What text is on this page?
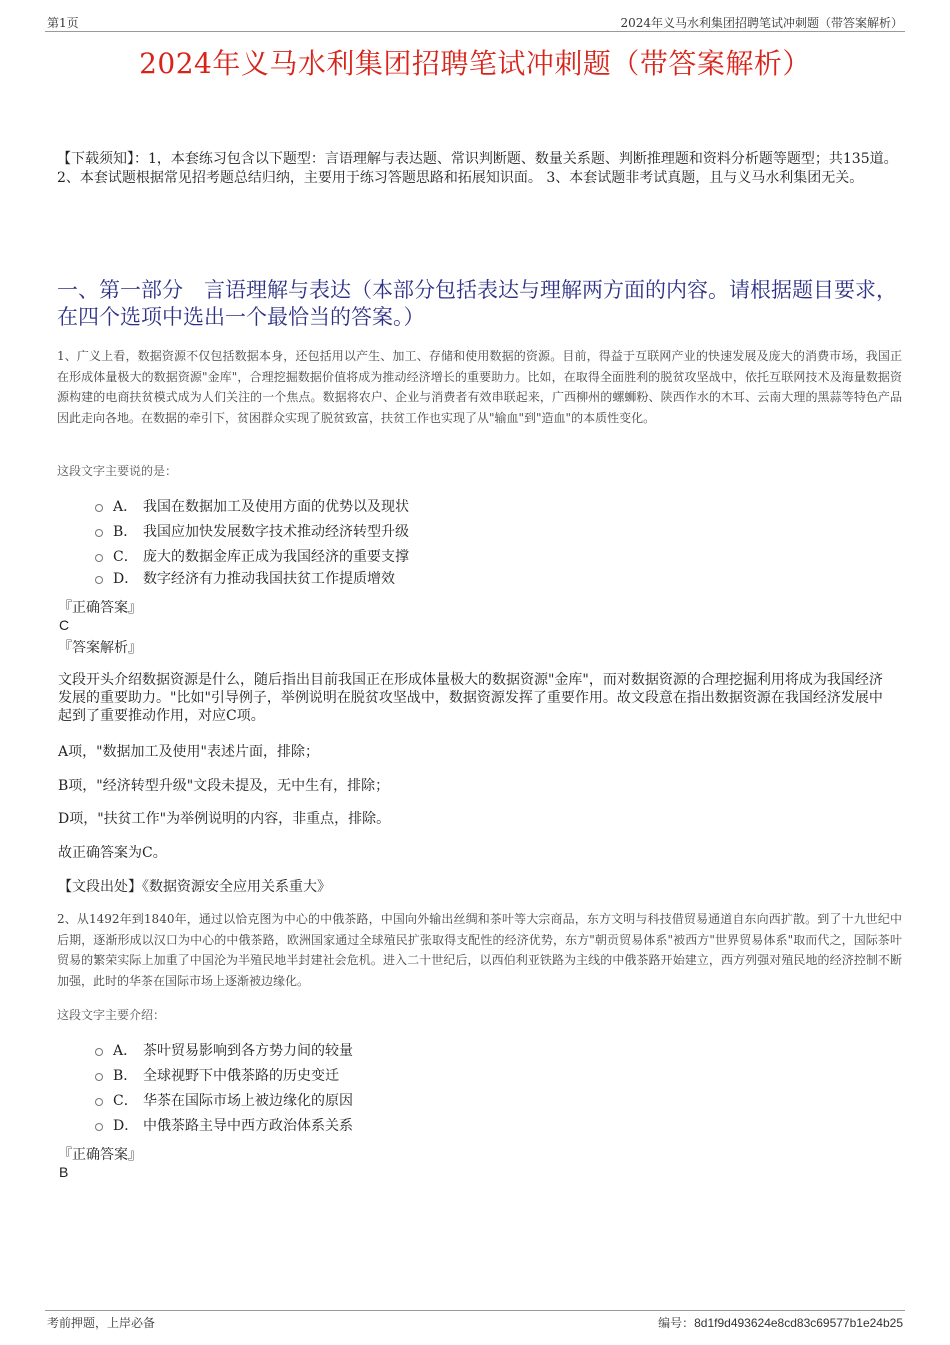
第1页	2024年义马水利集团招聘笔试冲刺题（带答案解析）
2024年义马水利集团招聘笔试冲刺题（带答案解析）
【下载须知】：1，本套练习包含以下题型：言语理解与表达题、常识判断题、数量关系题、判断推理题和资料分析题等题型；共135道。 2、本套试题根据常见招考题总结归纳，主要用于练习答题思路和拓展知识面。 3、本套试题非考试真题，且与义马水利集团无关。
一、第一部分　言语理解与表达（本部分包括表达与理解两方面的内容。请根据题目要求，在四个选项中选出一个最恰当的答案。）
1、广义上看，数据资源不仅包括数据本身，还包括用以产生、加工、存储和使用数据的资源。目前，得益于互联网产业的快速发展及庞大的消费市场，我国正在形成体量极大的数据资源"金库"，合理挖掘数据价值将成为推动经济增长的重要助力。比如，在取得全面胜利的脱贫攻坚战中，依托互联网技术及海量数据资源构建的电商扶贫模式成为人们关注的一个焦点。数据将农户、企业与消费者有效串联起来，广西柳州的螺蛳粉、陕西作水的木耳、云南大理的黑蒜等特色产品因此走向各地。在数据的牵引下，贫困群众实现了脱贫致富，扶贫工作也实现了从"输血"到"造血"的本质性变化。
这段文字主要说的是：
A． 我国在数据加工及使用方面的优势以及现状
B． 我国应加快发展数字技术推动经济转型升级
C． 庞大的数据金库正成为我国经济的重要支撑
D． 数字经济有力推动我国扶贫工作提质增效
『正确答案』
C
『答案解析』
文段开头介绍数据资源是什么，随后指出目前我国正在形成体量极大的数据资源"金库"，而对数据资源的合理挖掘利用将成为我国经济发展的重要助力。"比如"引导例子，举例说明在脱贫攻坚战中，数据资源发挥了重要作用。故文段意在指出数据资源在我国经济发展中起到了重要推动作用，对应C项。
A项，"数据加工及使用"表述片面，排除；
B项，"经济转型升级"文段未提及，无中生有，排除；
D项，"扶贫工作"为举例说明的内容，非重点，排除。
故正确答案为C。
【文段出处】《数据资源安全应用关系重大》
2、从1492年到1840年，通过以恰克图为中心的中俄茶路，中国向外输出丝绸和茶叶等大宗商品，东方文明与科技借贸易通道自东向西扩散。到了十九世纪中后期，逐渐形成以汉口为中心的中俄茶路，欧洲国家通过全球殖民扩张取得支配性的经济优势，东方"朝贡贸易体系"被西方"世界贸易体系"取而代之，国际茶叶贸易的繁荣实际上加重了中国沦为半殖民地半封建社会危机。进入二十世纪后，以西伯利亚铁路为主线的中俄茶路开始建立，西方列强对殖民地的经济控制不断加强，此时的华茶在国际市场上逐渐被边缘化。
这段文字主要介绍：
A． 茶叶贸易影响到各方势力间的较量
B． 全球视野下中俄茶路的历史变迁
C． 华茶在国际市场上被边缘化的原因
D． 中俄茶路主导中西方政治体系关系
『正确答案』
B
考前押题，上岸必备	编号：8d1f9d493624e8cd83c69577b1e24b25
